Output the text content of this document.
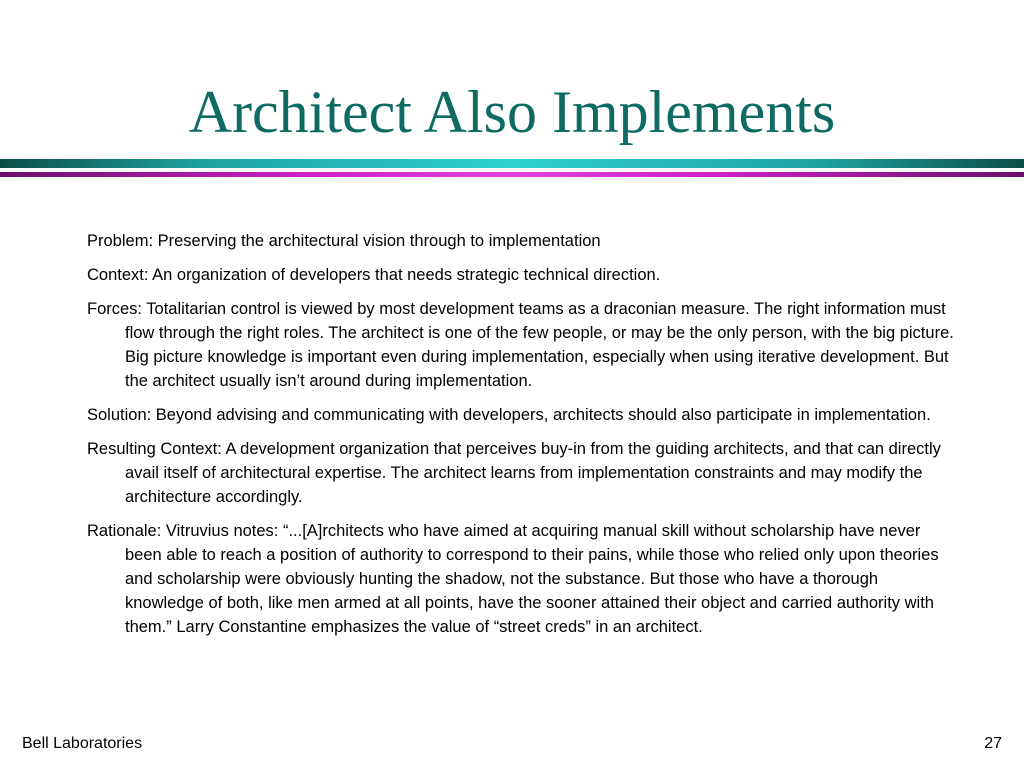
Architect Also Implements

Problem: Preserving the architectural vision through to implementation

Context: An organization of developers that needs strategic technical direction.

Forces: Totalitarian control is viewed by most development teams as a draconian measure. The right information must flow through the right roles. The architect is one of the few people, or may be the only person, with the big picture. Big picture knowledge is important even during implementation, especially when using iterative development. But the architect usually isn’t around during implementation.

Solution: Beyond advising and communicating with developers, architects should also participate in implementation.

Resulting Context: A development organization that perceives buy-in from the guiding architects, and that can directly avail itself of architectural expertise. The architect learns from implementation constraints and may modify the architecture accordingly.

Rationale: Vitruvius notes: “...[A]rchitects who have aimed at acquiring manual skill without scholarship have never been able to reach a position of authority to correspond to their pains, while those who relied only upon theories and scholarship were obviously hunting the shadow, not the substance. But those who have a thorough knowledge of both, like men armed at all points, have the sooner attained their object and carried authority with them.” Larry Constantine emphasizes the value of “street creds” in an architect.

Bell Laboratories	27
